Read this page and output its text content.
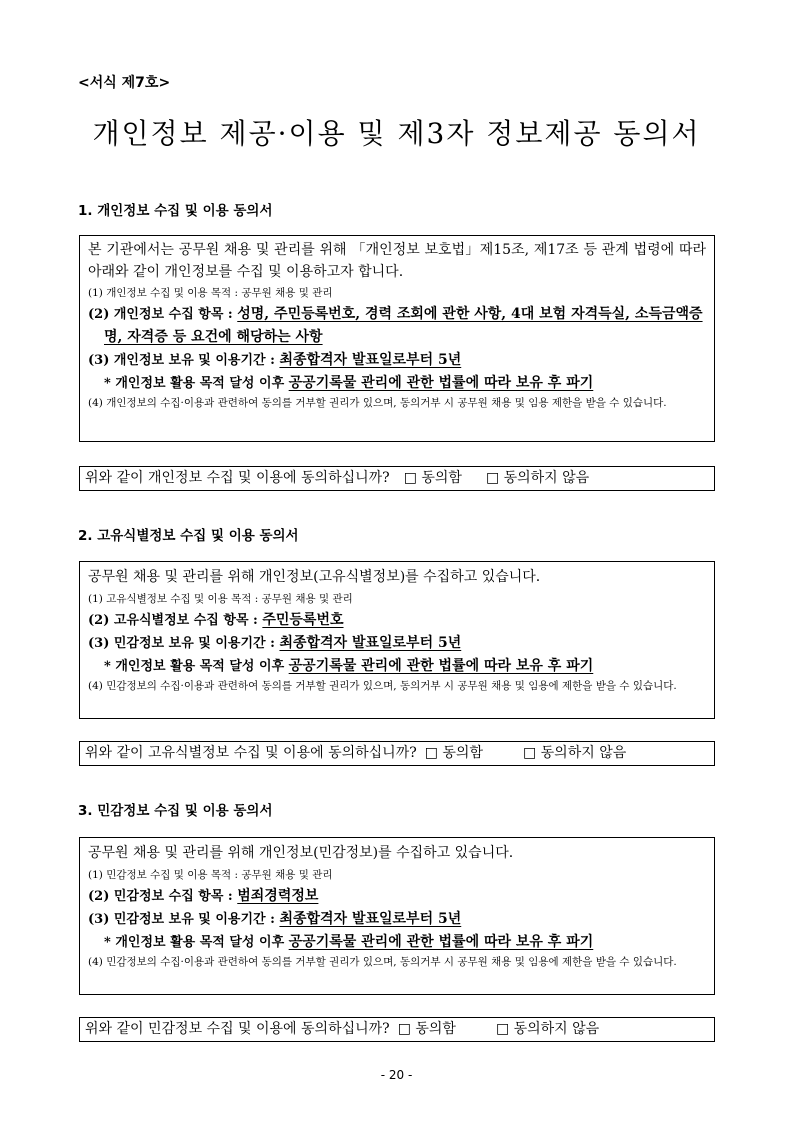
<서식 제7호>
개인정보 제공·이용 및 제3자 정보제공 동의서
1. 개인정보 수집 및 이용 동의서
본 기관에서는 공무원 채용 및 관리를 위해 「개인정보 보호법」제15조, 제17조 등 관계 법령에 따라 아래와 같이 개인정보를 수집 및 이용하고자 합니다.
(1) 개인정보 수집 및 이용 목적 : 공무원 채용 및 관리
(2) 개인정보 수집 항목 : 성명, 주민등록번호, 경력 조회에 관한 사항, 4대 보험 자격득실, 소득금액증명, 자격증 등 요건에 해당하는 사항
(3) 개인정보 보유 및 이용기간 : 최종합격자 발표일로부터 5년
* 개인정보 활용 목적 달성 이후 공공기록물 관리에 관한 법률에 따라 보유 후 파기
(4) 개인정보의 수집·이용과 관련하여 동의를 거부할 권리가 있으며, 동의거부 시 공무원 채용 및 임용 제한을 받을 수 있습니다.
위와 같이 개인정보 수집 및 이용에 동의하십니까? □ 동의함 □ 동의하지 않음
2. 고유식별정보 수집 및 이용 동의서
공무원 채용 및 관리를 위해 개인정보(고유식별정보)를 수집하고 있습니다.
(1) 고유식별정보 수집 및 이용 목적 : 공무원 채용 및 관리
(2) 고유식별정보 수집 항목 : 주민등록번호
(3) 민감정보 보유 및 이용기간 : 최종합격자 발표일로부터 5년
* 개인정보 활용 목적 달성 이후 공공기록물 관리에 관한 법률에 따라 보유 후 파기
(4) 민감정보의 수집·이용과 관련하여 동의를 거부할 권리가 있으며, 동의거부 시 공무원 채용 및 임용에 제한을 받을 수 있습니다.
위와 같이 고유식별정보 수집 및 이용에 동의하십니까? □ 동의함	□ 동의하지 않음
3. 민감정보 수집 및 이용 동의서
공무원 채용 및 관리를 위해 개인정보(민감정보)를 수집하고 있습니다.
(1) 민감정보 수집 및 이용 목적 : 공무원 채용 및 관리
(2) 민감정보 수집 항목 : 범죄경력정보
(3) 민감정보 보유 및 이용기간 : 최종합격자 발표일로부터 5년
* 개인정보 활용 목적 달성 이후 공공기록물 관리에 관한 법률에 따라 보유 후 파기
(4) 민감정보의 수집·이용과 관련하여 동의를 거부할 권리가 있으며, 동의거부 시 공무원 채용 및 임용에 제한을 받을 수 있습니다.
위와 같이 민감정보 수집 및 이용에 동의하십니까? □ 동의함	□ 동의하지 않음
- 20 -
